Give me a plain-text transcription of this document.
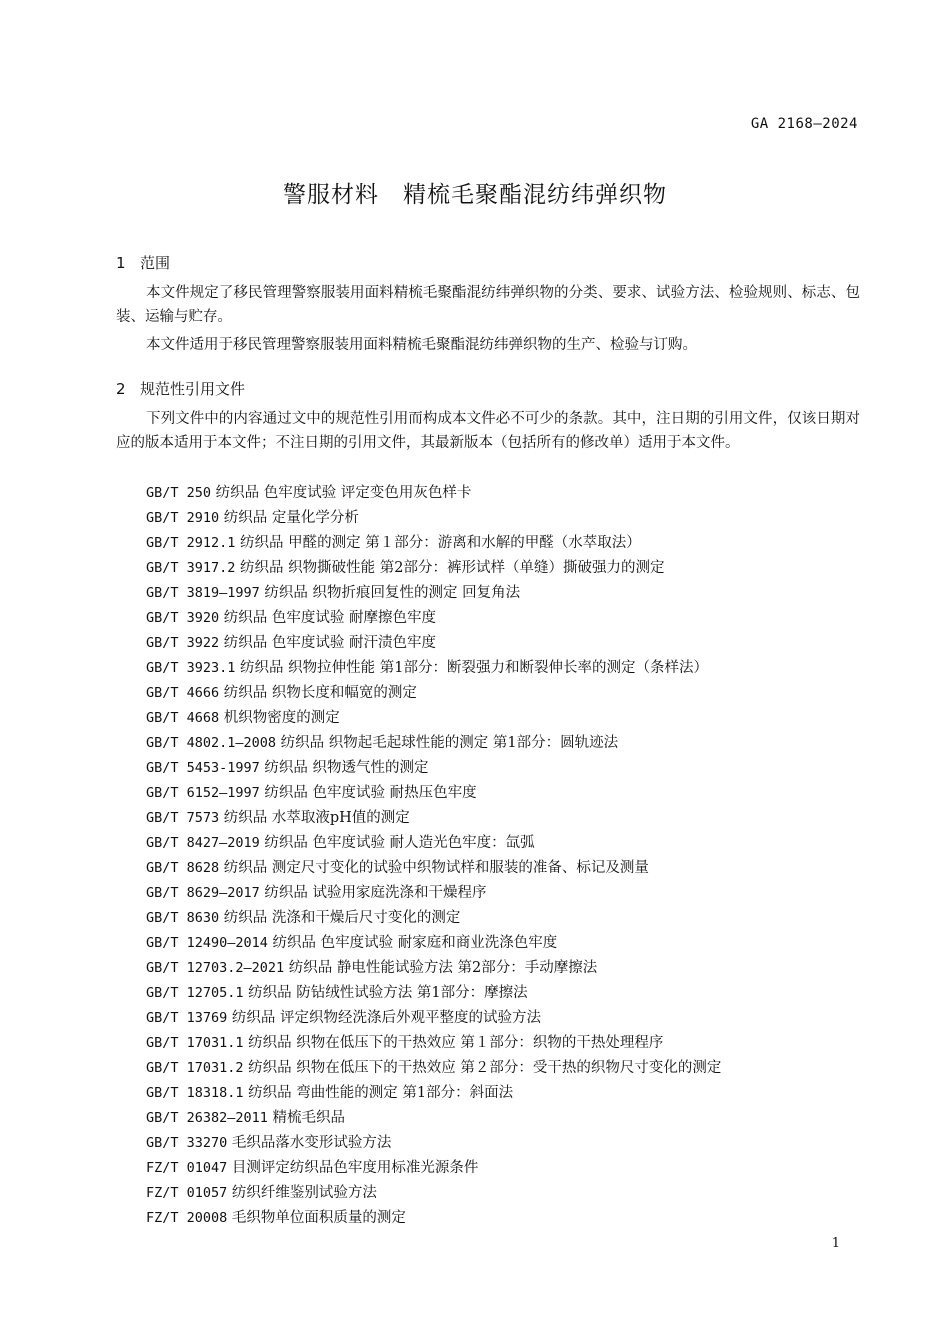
GA 2168—2024
警服材料　精梳毛聚酯混纺纬弹织物
1 范围

本文件规定了移民管理警察服装用面料精梳毛聚酯混纺纬弹织物的分类、要求、试验方法、检验规则、标志、包装、运输与贮存。

本文件适用于移民管理警察服装用面料精梳毛聚酯混纺纬弹织物的生产、检验与订购。

2 规范性引用文件

下列文件中的内容通过文中的规范性引用而构成本文件必不可少的条款。其中，注日期的引用文件，仅该日期对应的版本适用于本文件；不注日期的引用文件，其最新版本（包括所有的修改单）适用于本文件。

GB/T 250 纺织品 色牢度试验 评定变色用灰色样卡
GB/T 2910 纺织品 定量化学分析
GB/T 2912.1 纺织品 甲醛的测定 第１部分：游离和水解的甲醛（水萃取法）
GB/T 3917.2 纺织品 织物撕破性能 第2部分：裤形试样（单缝）撕破强力的测定
GB/T 3819—1997 纺织品 织物折痕回复性的测定 回复角法
GB/T 3920 纺织品 色牢度试验 耐摩擦色牢度
GB/T 3922 纺织品 色牢度试验 耐汗渍色牢度
GB/T 3923.1 纺织品 织物拉伸性能 第1部分：断裂强力和断裂伸长率的测定（条样法）
GB/T 4666 纺织品 织物长度和幅宽的测定
GB/T 4668 机织物密度的测定
GB/T 4802.1—2008 纺织品 织物起毛起球性能的测定 第1部分：圆轨迹法
GB/T 5453-1997 纺织品 织物透气性的测定
GB/T 6152—1997 纺织品 色牢度试验 耐热压色牢度
GB/T 7573 纺织品 水萃取液pH值的测定
GB/T 8427—2019 纺织品 色牢度试验 耐人造光色牢度：氙弧
GB/T 8628 纺织品 测定尺寸变化的试验中织物试样和服装的准备、标记及测量
GB/T 8629—2017 纺织品 试验用家庭洗涤和干燥程序
GB/T 8630 纺织品 洗涤和干燥后尺寸变化的测定
GB/T 12490—2014 纺织品 色牢度试验 耐家庭和商业洗涤色牢度
GB/T 12703.2—2021 纺织品 静电性能试验方法 第2部分：手动摩擦法
GB/T 12705.1 纺织品 防钻绒性试验方法 第1部分：摩擦法
GB/T 13769 纺织品 评定织物经洗涤后外观平整度的试验方法
GB/T 17031.1 纺织品 织物在低压下的干热效应 第１部分：织物的干热处理程序
GB/T 17031.2 纺织品 织物在低压下的干热效应 第２部分：受干热的织物尺寸变化的测定
GB/T 18318.1 纺织品 弯曲性能的测定 第1部分：斜面法
GB/T 26382—2011 精梳毛织品
GB/T 33270 毛织品落水变形试验方法
FZ/T 01047 目测评定纺织品色牢度用标准光源条件
FZ/T 01057 纺织纤维鉴别试验方法
FZ/T 20008 毛织物单位面积质量的测定
1
